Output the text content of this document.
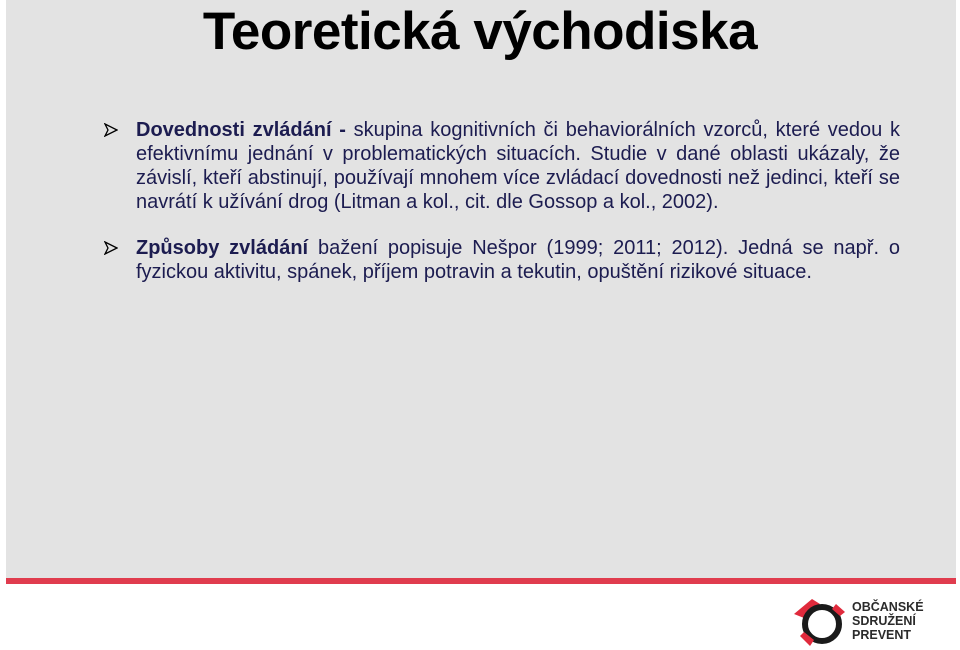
Teoretická východiska
Dovednosti zvládání - skupina kognitivních či behaviorálních vzorců, které vedou k efektivnímu jednání v problematických situacích. Studie v dané oblasti ukázaly, že závislí, kteří abstinují, používají mnohem více zvládací dovednosti než jedinci, kteří se navrátí k užívání drog (Litman a kol., cit. dle Gossop a kol., 2002).
Způsoby zvládání bažení popisuje Nešpor (1999; 2011; 2012). Jedná se např. o fyzickou aktivitu, spánek, příjem potravin a tekutin, opuštění rizikové situace.
OBČANSKÉ
SDRUŽENÍ
PREVENT
